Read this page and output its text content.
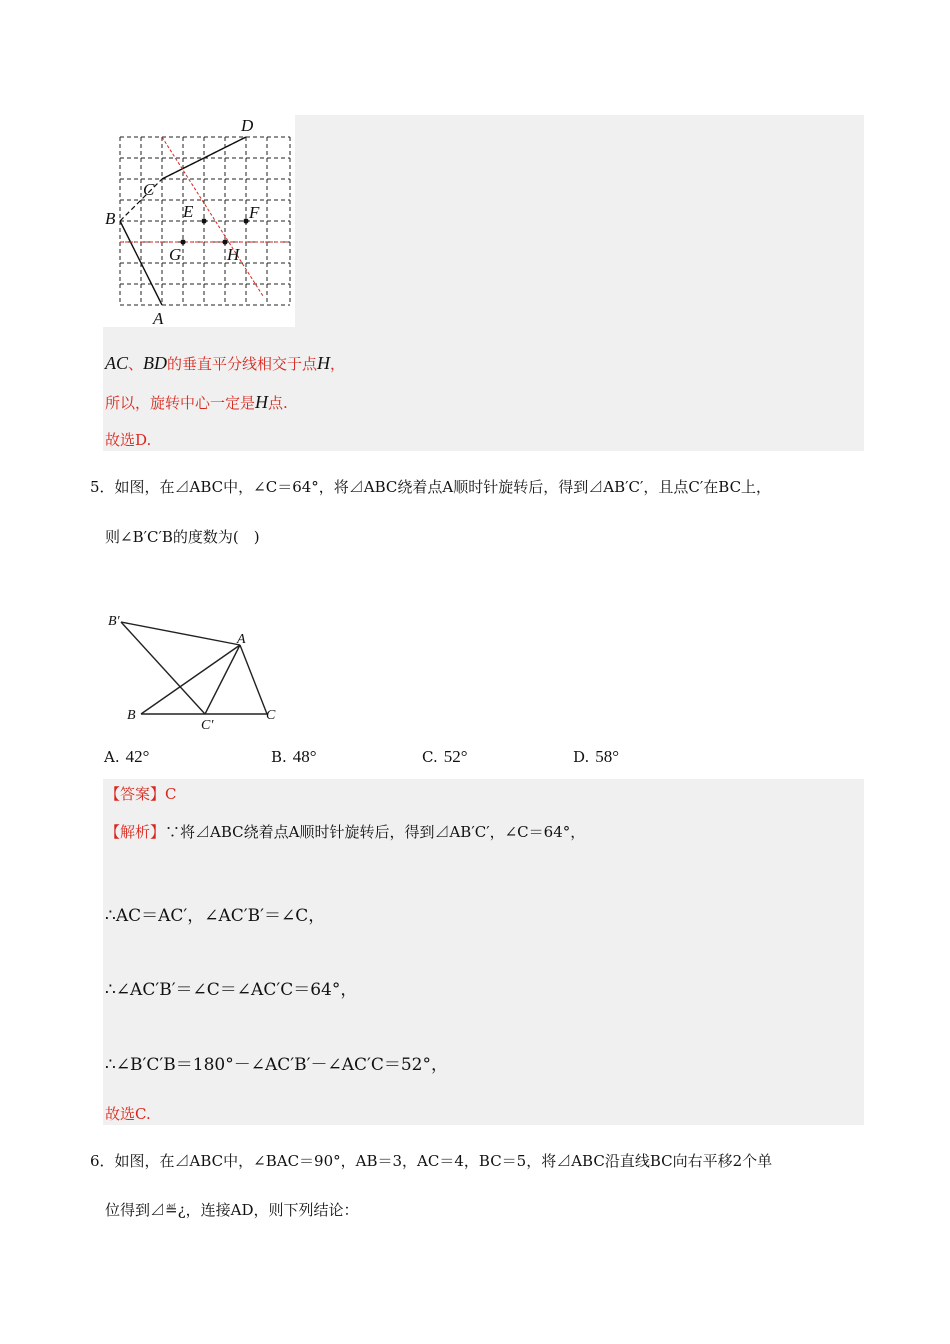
D
C
B	E	F
G	H
A
AC、BD的垂直平分线相交于点H，
所以，旋转中心一定是H点.
故选D.
5．如图，在⊿ABC中，∠C＝64°，将⊿ABC绕着点A顺时针旋转后，得到⊿AB′C′，且点C′在BC上，
则∠B′C′B的度数为(　)
B′
A
B
C′
C
A. 42°	B. 48°	C. 52°	D. 58°
【答案】C
【解析】∵将⊿ABC绕着点A顺时针旋转后，得到⊿AB′C′，∠C＝64°，
∴AC＝AC′，∠AC′B′＝∠C，
∴∠AC′B′＝∠C＝∠AC′C＝64°，
∴∠B′C′B＝180°－∠AC′B′－∠AC′C＝52°，
故选C.
6．如图，在⊿ABC中，∠BAC＝90°，AB＝3，AC＝4，BC＝5，将⊿ABC沿直线BC向右平移2个单
位得到⊿≝¿，连接AD，则下列结论：
